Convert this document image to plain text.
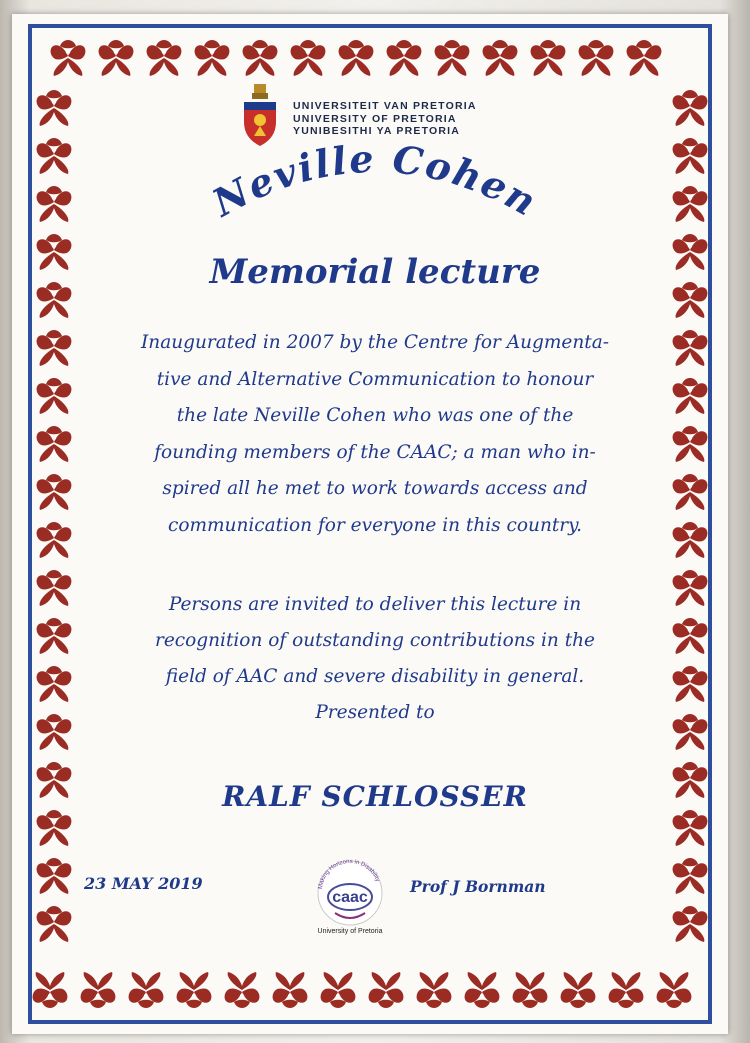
UNIVERSITEIT VAN PRETORIA
UNIVERSITY OF PRETORIA
YUNIBESITHI YA PRETORIA
Neville Cohen
Memorial lecture
Inaugurated in 2007 by the Centre for Augmenta-
tive and Alternative Communication to honour
the late Neville Cohen who was one of the
founding members of the CAAC; a man who in-
spired all he met to work towards access and
communication for everyone in this country.
Persons are invited to deliver this lecture in
recognition of outstanding contributions in the
field of AAC and severe disability in general.
Presented to
RALF SCHLOSSER
23 MAY 2019	Making Horizons in Disability
caac
University of Pretoria
Prof J Bornman
